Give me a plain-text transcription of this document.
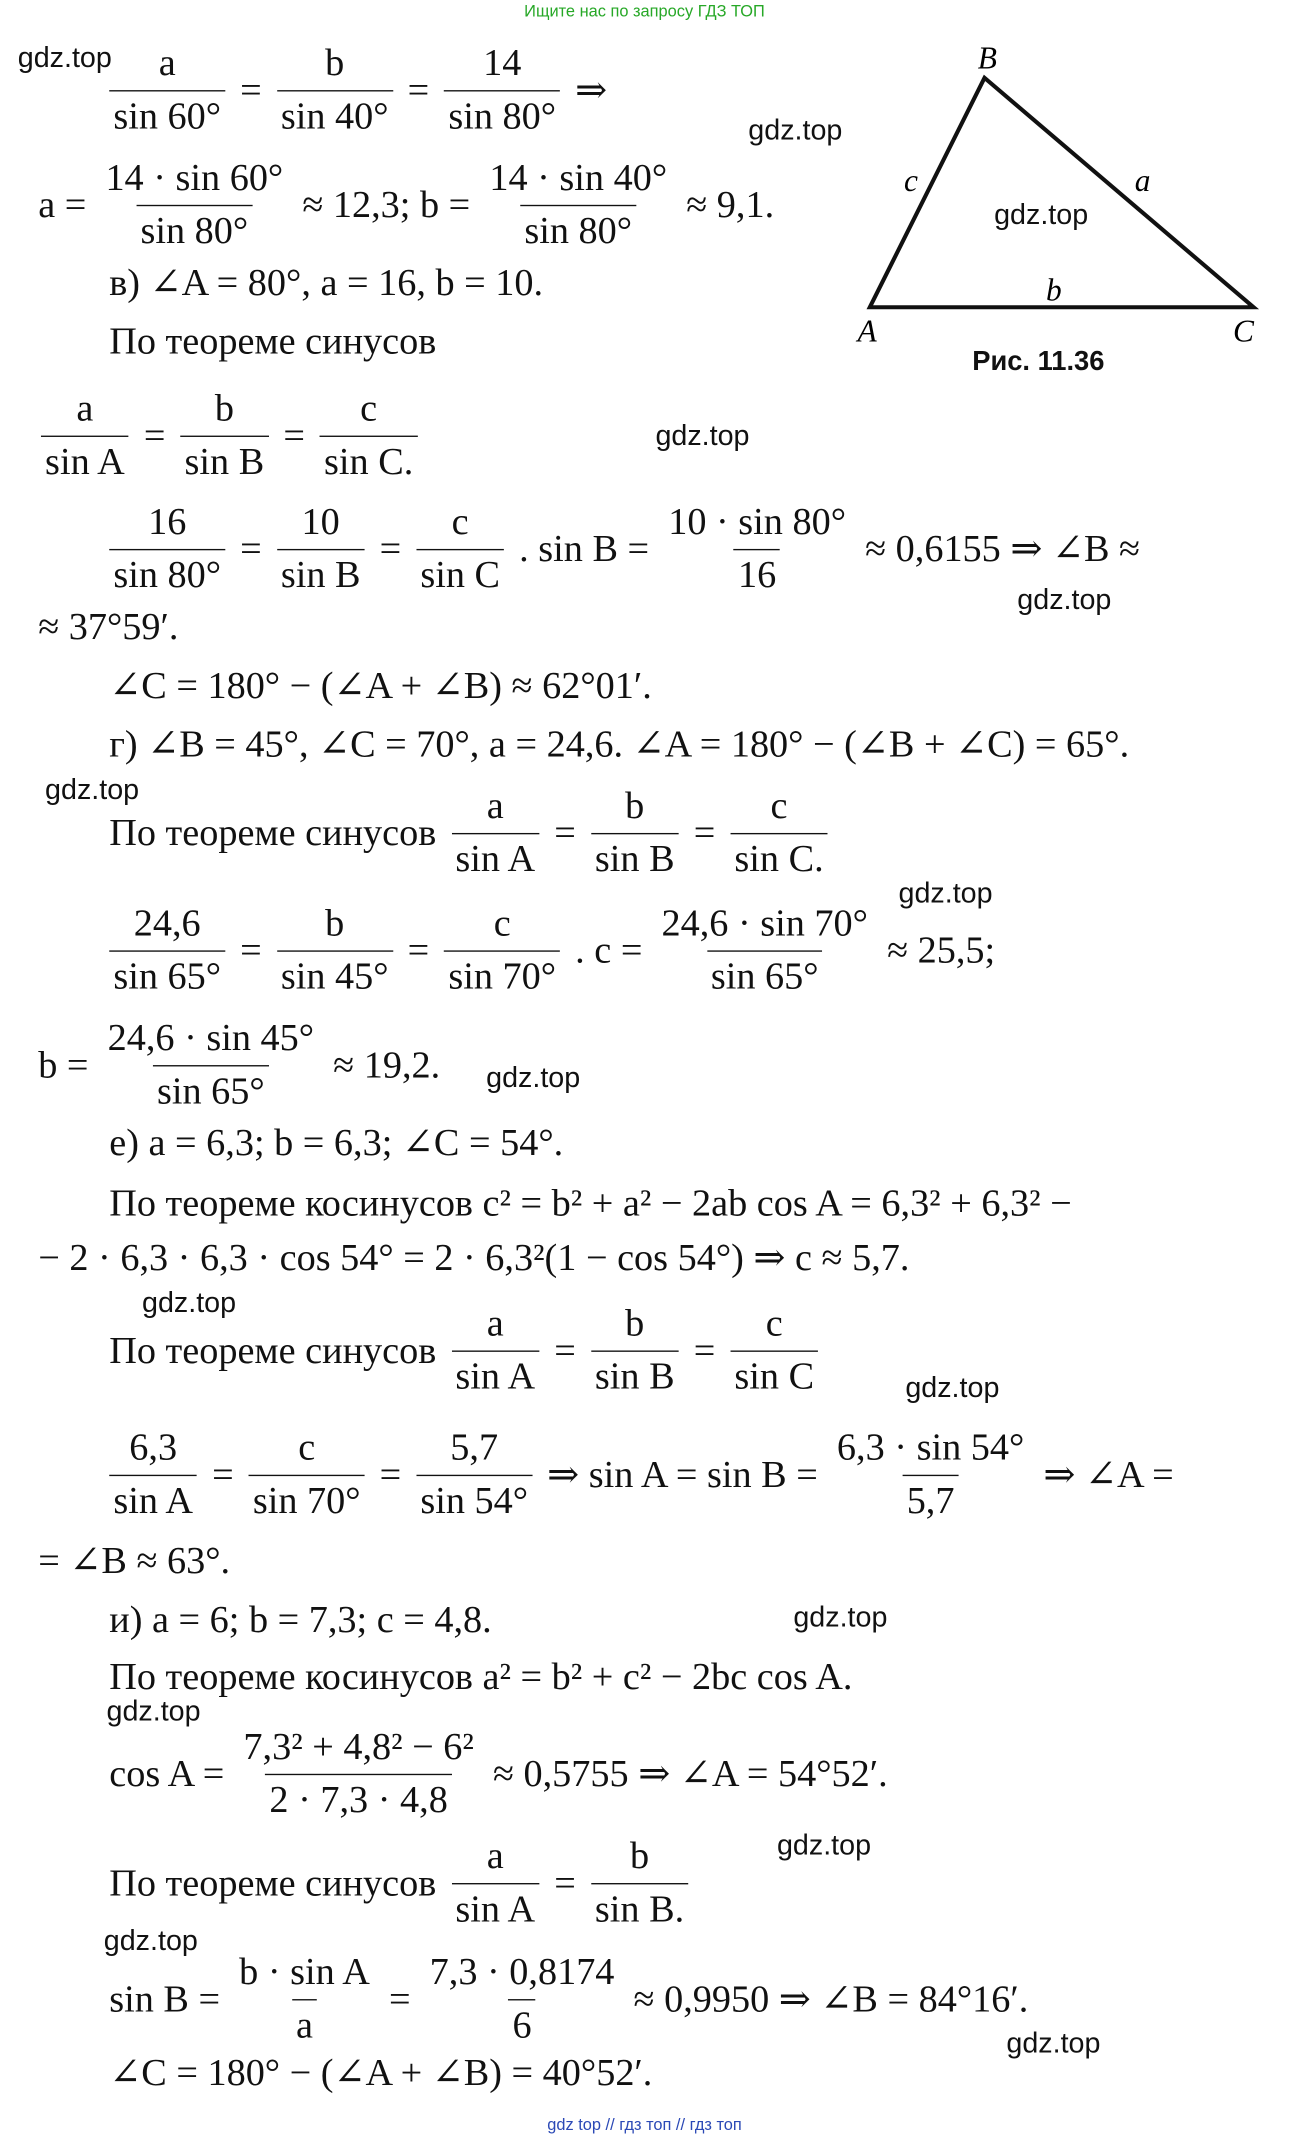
Ищите нас по запросу ГДЗ ТОП
B
A	C
c	a
b
Рис. 11.36
$\frac{a}{\sin 60^\circ} = \frac{b}{\sin 40^\circ} = \frac{14}{\sin 80^\circ}$ ⇒
$a = \frac{14 \cdot \sin 60^\circ}{\sin 80^\circ} \approx 12,3$; $b = \frac{14 \cdot \sin 40^\circ}{\sin 80^\circ} \approx 9,1$.
в) ∠A = 80°, a = 16, b = 10.
По теореме синусов
$\frac{a}{\text{sin A}} = \frac{b}{\text{sin B}} = \frac{c}{\text{sin C.}}$
$\frac{16}{\sin 80^\circ} = \frac{10}{\text{sin B}} = \frac{c}{\text{sin C}}$ . $\sin B = \frac{10 \cdot \sin 80^\circ}{16} \approx 0,6155$ ⇒ ∠B ≈
≈ 37°59′.
∠C = 180° − (∠A + ∠B) ≈ 62°01′.
г) ∠B = 45°, ∠C = 70°, a = 24,6. ∠A = 180° − (∠B + ∠C) = 65°.
По теореме синусов $\frac{a}{\text{sin A}} = \frac{b}{\text{sin B}} = \frac{c}{\text{sin C.}}$
$\frac{24,6}{\sin 65^\circ} = \frac{b}{\sin 45^\circ} = \frac{c}{\sin 70^\circ}$ . $c = \frac{24,6 \cdot \sin 70^\circ}{\sin 65^\circ} \approx 25,5$;
$b = \frac{24,6 \cdot \sin 45^\circ}{\sin 65^\circ} \approx 19,2$.
е) a = 6,3; b = 6,3; ∠C = 54°.
По теореме косинусов c² = b² + a² − 2ab cos A = 6,3² + 6,3² −
− 2 · 6,3 · 6,3 · cos 54° = 2 · 6,3²(1 − cos 54°) ⇒ c ≈ 5,7.
По теореме синусов $\frac{a}{\text{sin A}} = \frac{b}{\text{sin B}} = \frac{c}{\text{sin C}}$
$\frac{6,3}{\text{sin A}} = \frac{c}{\sin 70^\circ} = \frac{5,7}{\sin 54^\circ}$ ⇒ $\sin A = \sin B = \frac{6,3 \cdot \sin 54^\circ}{5,7}$ ⇒ ∠A =
= ∠B ≈ 63°.
и) a = 6; b = 7,3; c = 4,8.
По теореме косинусов a² = b² + c² − 2bc cos A.
$\cos A = \frac{\text{7,3² + 4,8² − 6²}}{2 \cdot 7,3 \cdot 4,8} \approx 0,5755$ ⇒ ∠A = 54°52′.
По теореме синусов $\frac{a}{\text{sin A}} = \frac{b}{\text{sin B.}}$
$\sin B = \frac{\text{b · sin A}}{a} = \frac{7,3 \cdot 0,8174}{6} \approx 0,9950$ ⇒ ∠B = 84°16′.
∠C = 180° − (∠A + ∠B) = 40°52′.
gdz.top
gdz.top
gdz.top
gdz.top
gdz.top
gdz.top
gdz.top
gdz.top
gdz.top
gdz.top
gdz.top
gdz.top
gdz.top
gdz.top
gdz.top
gdz top // гдз топ // гдз топ
